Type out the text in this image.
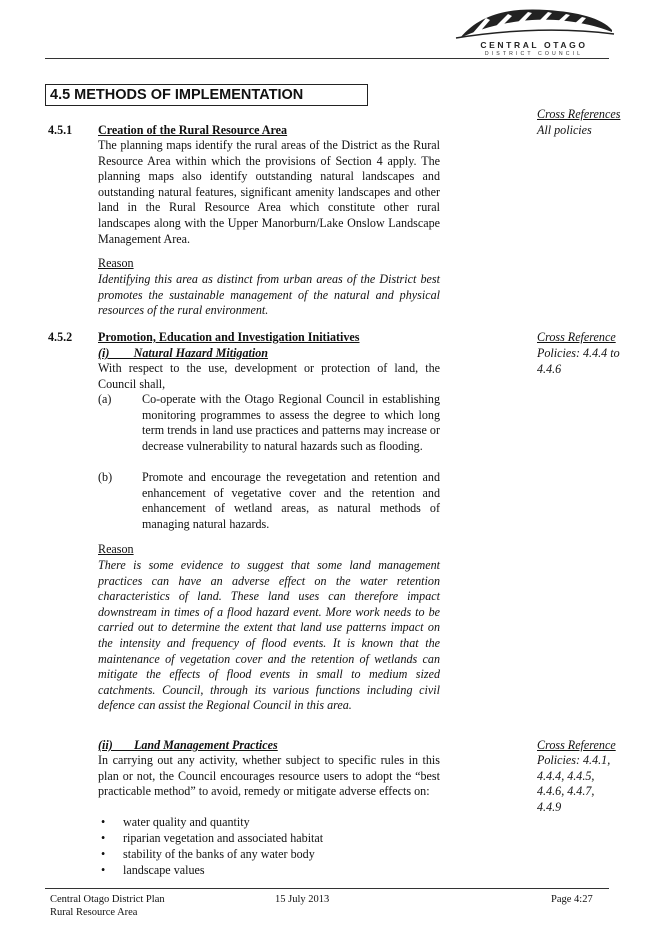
CENTRAL OTAGO
DISTRICT COUNCIL
4.5 METHODS OF IMPLEMENTATION
4.5.1 Creation of the Rural Resource Area
The planning maps identify the rural areas of the District as the Rural Resource Area within which the provisions of Section 4 apply. The planning maps also identify outstanding natural landscapes and outstanding natural features, significant amenity landscapes and other land in the Rural Resource Area which constitute other rural landscapes along with the Upper Manorburn/Lake Onslow Landscape Management Area.
Reason
Identifying this area as distinct from urban areas of the District best promotes the sustainable management of the natural and physical resources of the rural environment.
Cross References
All policies
4.5.2 Promotion, Education and Investigation Initiatives
(i)        Natural Hazard Mitigation
With respect to the use, development or protection of land, the Council shall,
(a)	Co-operate with the Otago Regional Council in establishing monitoring programmes to assess the degree to which long term trends in land use practices and patterns may increase or decrease vulnerability to natural hazards such as flooding.
(b) Promote and encourage the revegetation and retention and enhancement of vegetative cover and the retention and enhancement of wetland areas, as natural methods of managing natural hazards.
Reason
There is some evidence to suggest that some land management practices can have an adverse effect on the water retention characteristics of land. These land uses can therefore impact downstream in times of a flood hazard event. More work needs to be carried out to determine the extent that land use patterns impact on the intensity and frequency of flood events. It is known that the maintenance of vegetation cover and the retention of wetlands can mitigate the effects of flood events in small to medium sized catchments. Council, through its various functions including civil defence can assist the Regional Council in this area.
Cross Reference
Policies: 4.4.4 to 4.4.6
(ii)       Land Management Practices
In carrying out any activity, whether subject to specific rules in this plan or not, the Council encourages resource users to adopt the “best practicable method” to avoid, remedy or mitigate adverse effects on:
• water quality and quantity
• riparian vegetation and associated habitat
• stability of the banks of any water body
• landscape values
Cross Reference
Policies: 4.4.1, 4.4.4, 4.4.5, 4.4.6, 4.4.7, 4.4.9
Central Otago District Plan
Rural Resource Area
15 July 2013	Page 4:27
